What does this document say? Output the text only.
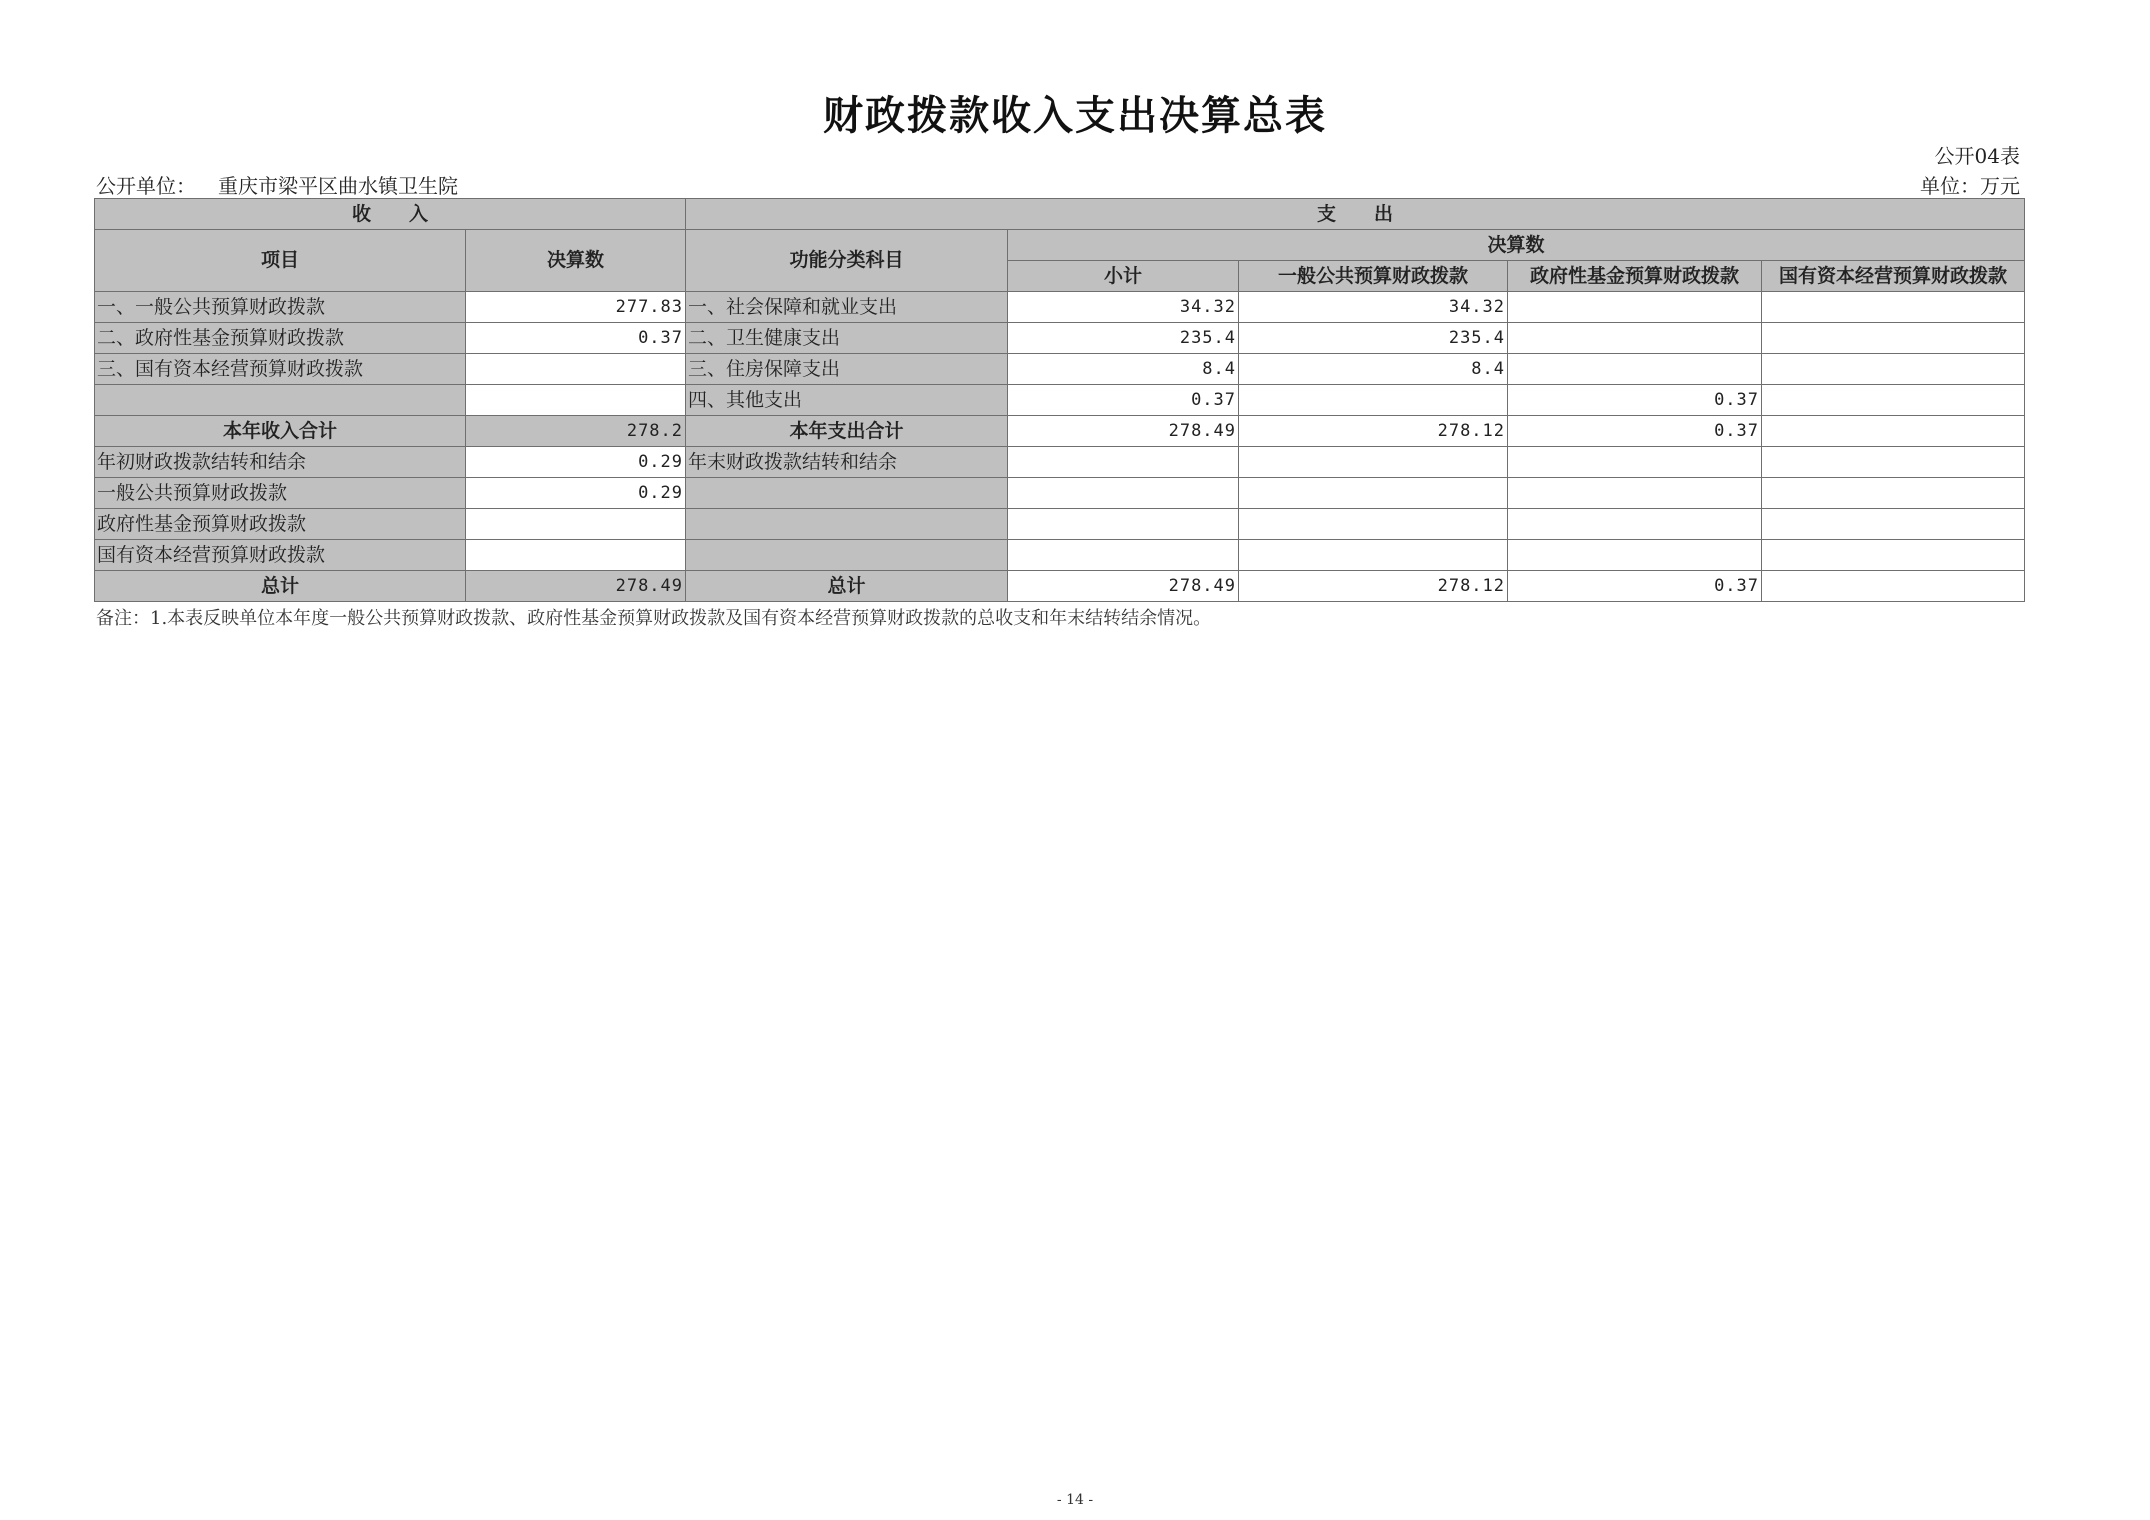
财政拨款收入支出决算总表
公开04表
公开单位： 重庆市梁平区曲水镇卫生院	单位：万元
收　　入		支　　出				
项目	决算数	功能分类科目	决算数			
			小计	一般公共预算财政拨款	政府性基金预算财政拨款	国有资本经营预算财政拨款
一、一般公共预算财政拨款	277.83	一、社会保障和就业支出	34.32	34.32		
二、政府性基金预算财政拨款	0.37	二、卫生健康支出	235.4	235.4		
三、国有资本经营预算财政拨款		三、住房保障支出	8.4	8.4		
		四、其他支出	0.37		0.37	
本年收入合计	278.2	本年支出合计	278.49	278.12	0.37	
年初财政拨款结转和结余	0.29	年末财政拨款结转和结余				
一般公共预算财政拨款	0.29					
政府性基金预算财政拨款						
国有资本经营预算财政拨款						
总计	278.49	总计	278.49	278.12	0.37	
备注：1.本表反映单位本年度一般公共预算财政拨款、政府性基金预算财政拨款及国有资本经营预算财政拨款的总收支和年末结转结余情况。
- 14 -
